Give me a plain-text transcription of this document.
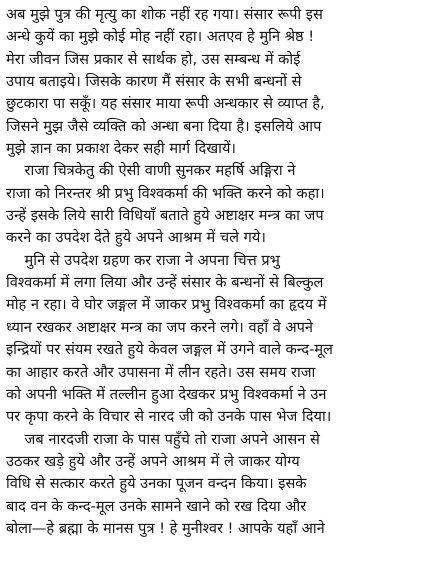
अब मुझे पुत्र की मृत्यु का शोक नहीं रह गया। संसार रूपी इस
अन्धे कुयें का मुझे कोई मोह नहीं रहा। अतएव हे मुनि श्रेष्ठ !
मेरा जीवन जिस प्रकार से सार्थक हो, उस सम्बन्ध में कोई
उपाय बताइये। जिसके कारण मैं संसार के सभी बन्धनों से
छुटकारा पा सकूँ। यह संसार माया रूपी अन्धकार से व्याप्त है,
जिसने मुझ जैसे व्यक्ति को अन्धा बना दिया है। इसलिये आप
मुझे ज्ञान का प्रकाश देकर सही मार्ग दिखायें।
राजा चित्रकेतु की ऐसी वाणी सुनकर महर्षि अङ्गिरा ने
राजा को निरन्तर श्री प्रभु विश्वकर्मा की भक्ति करने को कहा।
उन्हें इसके लिये सारी विधियाँ बताते हुये अष्टाक्षर मन्त्र का जप
करने का उपदेश देते हुये अपने आश्रम में चले गये।
मुनि से उपदेश ग्रहण कर राजा ने अपना चित्त प्रभु
विश्वकर्मा में लगा लिया और उन्हें संसार के बन्धनों से बिल्कुल
मोह न रहा। वे घोर जङ्गल में जाकर प्रभु विश्वकर्मा का हृदय में
ध्यान रखकर अष्टाक्षर मन्त्र का जप करने लगे। वहाँ वे अपने
इन्द्रियों पर संयम रखते हुये केवल जङ्गल में उगने वाले कन्द-मूल
का आहार करते और उपासना में लीन रहते। उस समय राजा
को अपनी भक्ति में तल्लीन हुआ देखकर प्रभु विश्वकर्मा ने उन
पर कृपा करने के विचार से नारद जी को उनके पास भेज दिया।
जब नारदजी राजा के पास पहुँचे तो राजा अपने आसन से
उठकर खड़े हुये और उन्हें अपने आश्रम में ले जाकर योग्य
विधि से सत्कार करते हुये उनका पूजन वन्दन किया। इसके
बाद वन के कन्द-मूल उनके सामने खाने को रख दिया और
बोला—हे ब्रह्मा के मानस पुत्र ! हे मुनीश्वर ! आपके यहाँ आने
